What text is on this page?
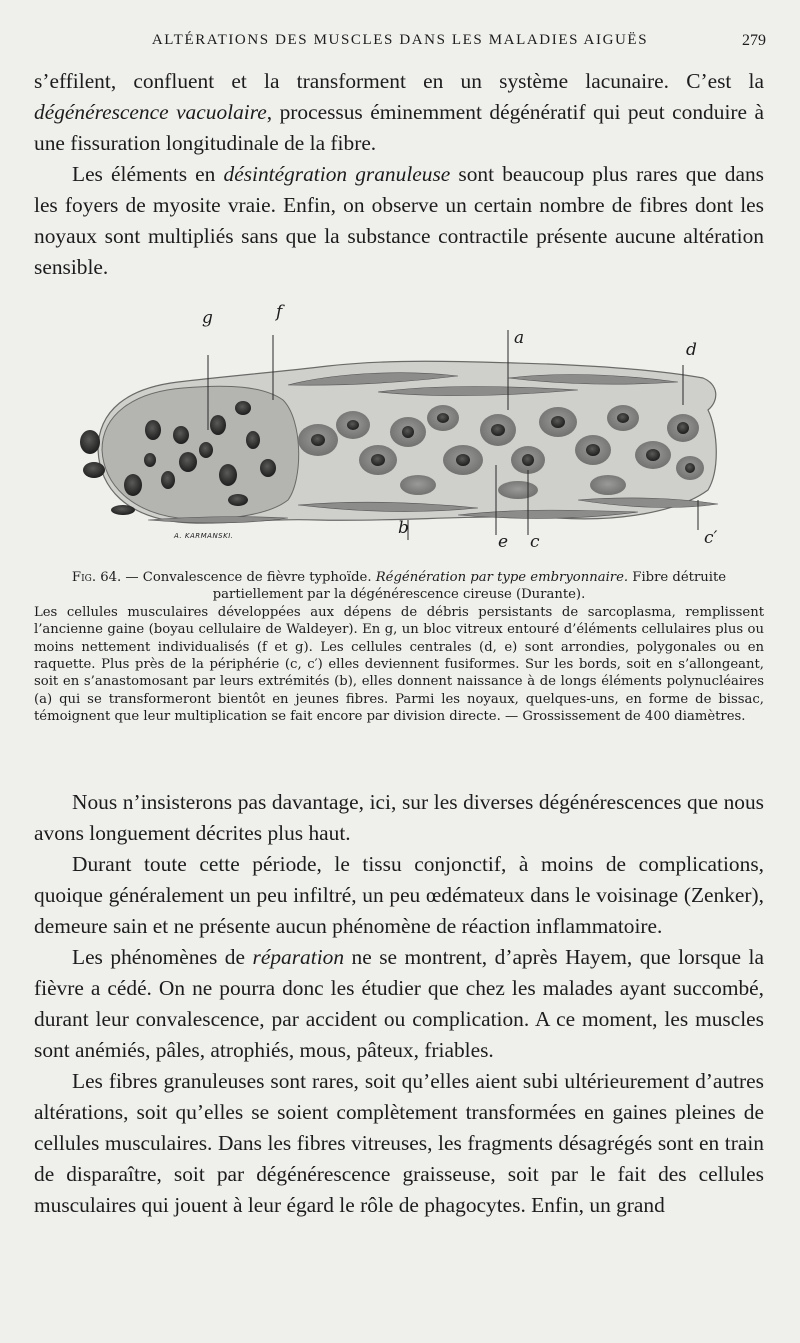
ALTÉRATIONS DES MUSCLES DANS LES MALADIES AIGUËS	279

s’effilent, confluent et la transforment en un système lacunaire. C’est la dégénérescence vacuolaire, processus éminemment dégénératif qui peut conduire à une fissuration longitudinale de la fibre.

Les éléments en désintégration granuleuse sont beaucoup plus rares que dans les foyers de myosite vraie. Enfin, on observe un certain nombre de fibres dont les noyaux sont multipliés sans que la substance contractile présente aucune altération sensible.

g	f
a
d
b
e c	c′
A. KARMANSKI.

Fig. 64. — Convalescence de fièvre typhoïde. Régénération par type embryonnaire. Fibre détruite partiellement par la dégénérescence cireuse (Durante).

Les cellules musculaires développées aux dépens de débris persistants de sarcoplasma, remplissent l’ancienne gaine (boyau cellulaire de Waldeyer). En g, un bloc vitreux entouré d’éléments cellulaires plus ou moins nettement individualisés (f et g). Les cellules centrales (d, e) sont arrondies, polygonales ou en raquette. Plus près de la périphérie (c, c′) elles deviennent fusiformes. Sur les bords, soit en s’allongeant, soit en s’anastomosant par leurs extrémités (b), elles donnent naissance à de longs éléments polynucléaires (a) qui se transformeront bientôt en jeunes fibres. Parmi les noyaux, quelques-uns, en forme de bissac, témoignent que leur multiplication se fait encore par division directe. — Grossissement de 400 diamètres.

Nous n’insisterons pas davantage, ici, sur les diverses dégénérescences que nous avons longuement décrites plus haut.

Durant toute cette période, le tissu conjonctif, à moins de complications, quoique généralement un peu infiltré, un peu œdémateux dans le voisinage (Zenker), demeure sain et ne présente aucun phénomène de réaction inflammatoire.

Les phénomènes de réparation ne se montrent, d’après Hayem, que lorsque la fièvre a cédé. On ne pourra donc les étudier que chez les malades ayant succombé, durant leur convalescence, par accident ou complication. A ce moment, les muscles sont anémiés, pâles, atrophiés, mous, pâteux, friables.

Les fibres granuleuses sont rares, soit qu’elles aient subi ultérieurement d’autres altérations, soit qu’elles se soient complètement transformées en gaines pleines de cellules musculaires. Dans les fibres vitreuses, les fragments désagrégés sont en train de disparaître, soit par dégénérescence graisseuse, soit par le fait des cellules musculaires qui jouent à leur égard le rôle de phagocytes. Enfin, un grand
